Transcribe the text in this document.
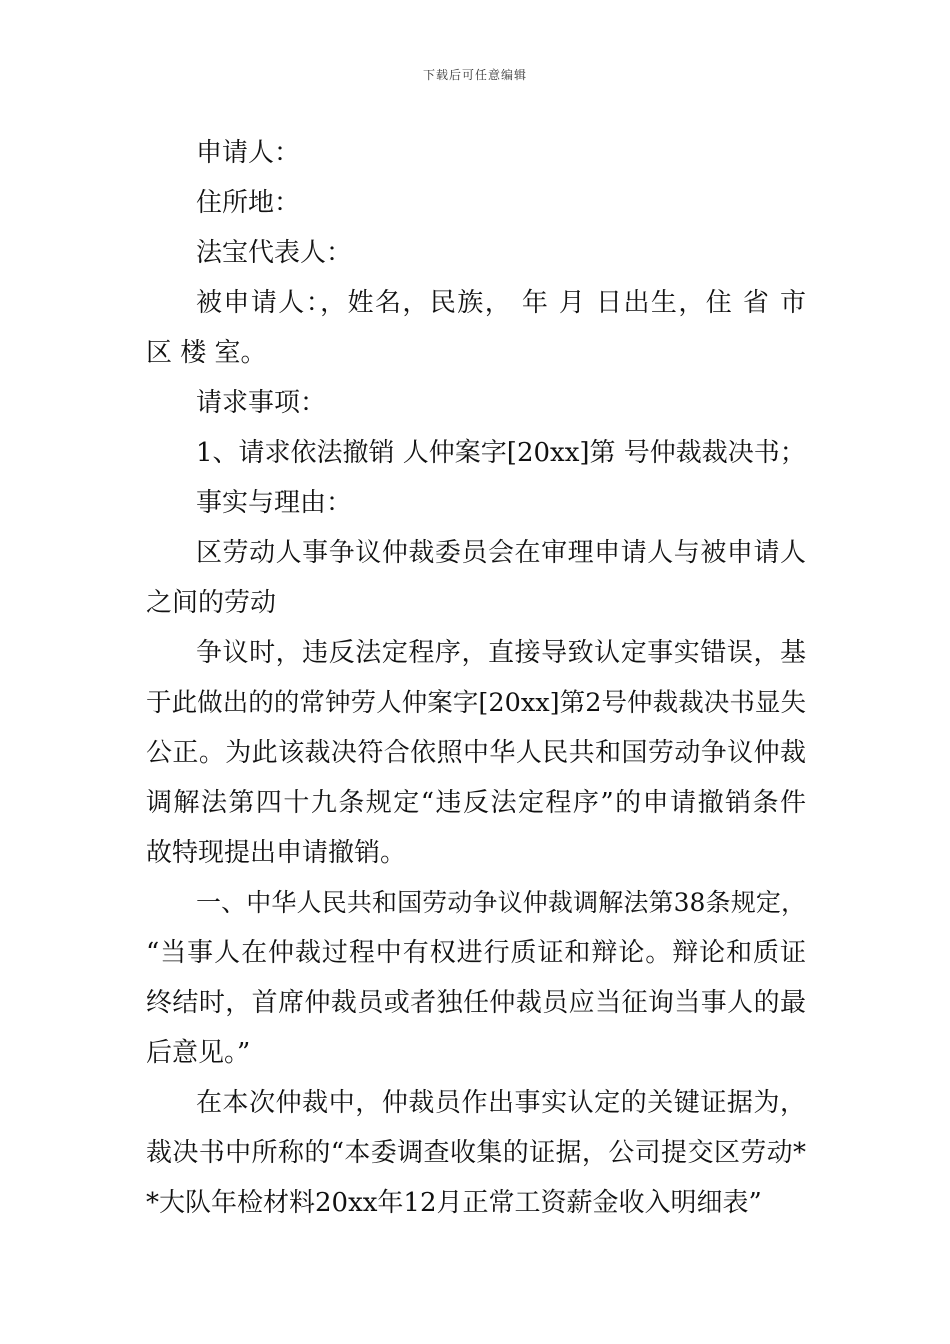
下载后可任意编辑
申请人：
住所地：
法宝代表人：
被申请人：，姓名，民族， 年 月 日出生，住 省 市
区 楼 室。
请求事项：
1、请求依法撤销 人仲案字[20xx]第 号仲裁裁决书；
事实与理由：
区劳动人事争议仲裁委员会在审理申请人与被申请人
之间的劳动
争议时，违反法定程序，直接导致认定事实错误，基
于此做出的的常钟劳人仲案字[20xx]第2号仲裁裁决书显失
公正。为此该裁决符合依照中华人民共和国劳动争议仲裁
调解法第四十九条规定“违反法定程序”的申请撤销条件
故特现提出申请撤销。
一、中华人民共和国劳动争议仲裁调解法第38条规定，
“当事人在仲裁过程中有权进行质证和辩论。辩论和质证
终结时，首席仲裁员或者独任仲裁员应当征询当事人的最
后意见。”
在本次仲裁中，仲裁员作出事实认定的关键证据为，
裁决书中所称的“本委调查收集的证据，公司提交区劳动*
*大队年检材料20xx年12月正常工资薪金收入明细表”
